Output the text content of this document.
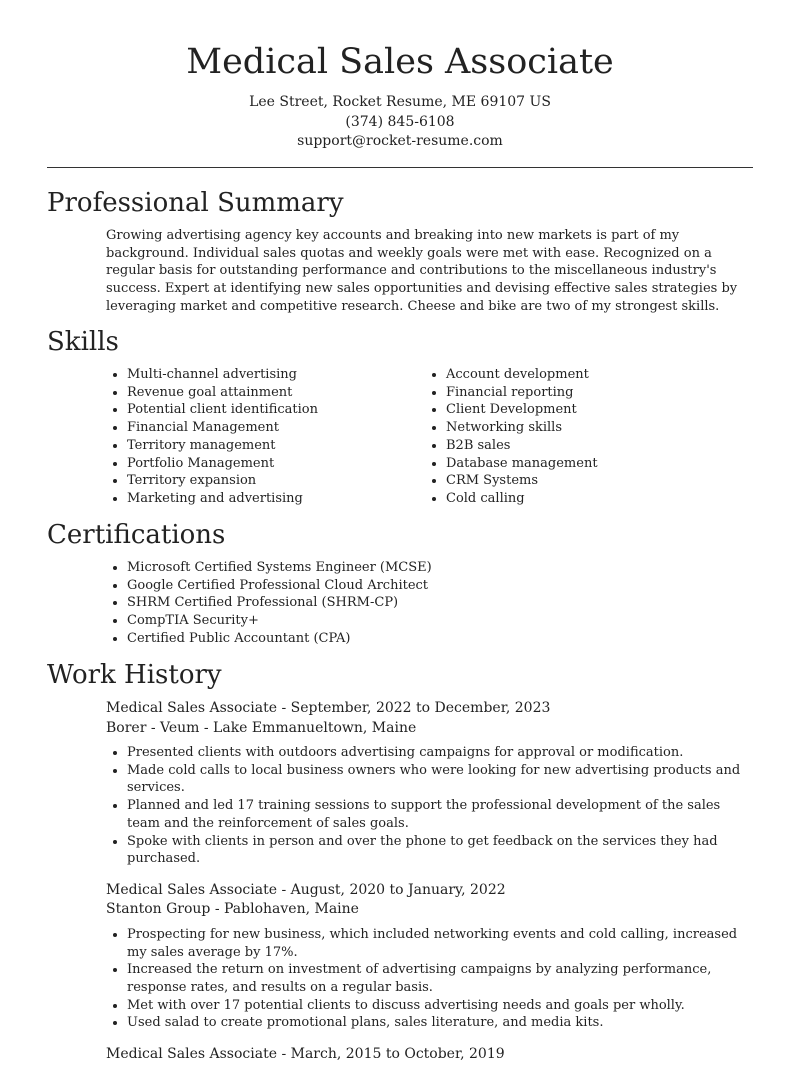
Medical Sales Associate
Lee Street, Rocket Resume, ME 69107 US
(374) 845-6108
support@rocket-resume.com
Professional Summary

Growing advertising agency key accounts and breaking into new markets is part of my background. Individual sales quotas and weekly goals were met with ease. Recognized on a regular basis for outstanding performance and contributions to the miscellaneous industry's success. Expert at identifying new sales opportunities and devising effective sales strategies by leveraging market and competitive research. Cheese and bike are two of my strongest skills.

Skills
• Multi-channel advertising
• Revenue goal attainment
• Potential client identification
• Financial Management
• Territory management
• Portfolio Management
• Territory expansion
• Marketing and advertising
• Account development
• Financial reporting
• Client Development
• Networking skills
• B2B sales
• Database management
• CRM Systems
• Cold calling
Certifications
• Microsoft Certified Systems Engineer (MCSE)
• Google Certified Professional Cloud Architect
• SHRM Certified Professional (SHRM-CP)
• CompTIA Security+
• Certified Public Accountant (CPA)
Work History
Medical Sales Associate - September, 2022 to December, 2023
Borer - Veum - Lake Emmanueltown, Maine
• Presented clients with outdoors advertising campaigns for approval or modification.
• Made cold calls to local business owners who were looking for new advertising products and services.
• Planned and led 17 training sessions to support the professional development of the sales team and the reinforcement of sales goals.
• Spoke with clients in person and over the phone to get feedback on the services they had purchased.
Medical Sales Associate - August, 2020 to January, 2022
Stanton Group - Pablohaven, Maine
• Prospecting for new business, which included networking events and cold calling, increased my sales average by 17%.
• Increased the return on investment of advertising campaigns by analyzing performance, response rates, and results on a regular basis.
• Met with over 17 potential clients to discuss advertising needs and goals per wholly.
• Used salad to create promotional plans, sales literature, and media kits.
Medical Sales Associate - March, 2015 to October, 2019
